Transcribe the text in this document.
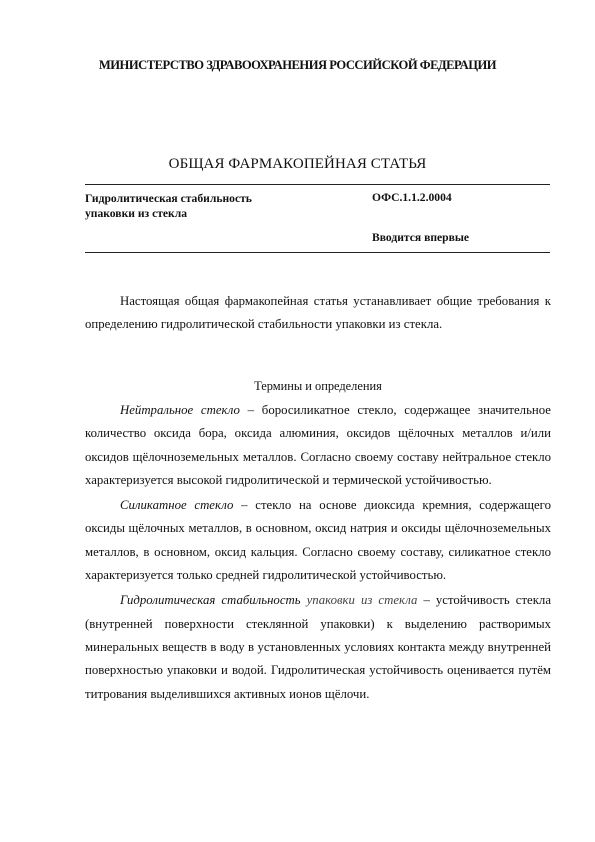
МИНИСТЕРСТВО ЗДРАВООХРАНЕНИЯ РОССИЙСКОЙ ФЕДЕРАЦИИ
ОБЩАЯ ФАРМАКОПЕЙНАЯ СТАТЬЯ
Гидролитическая стабильность
упаковки из стекла
ОФС.1.1.2.0004
Вводится впервые

Настоящая общая фармакопейная статья устанавливает общие требования к определению гидролитической стабильности упаковки из стекла.

Термины и определения

Нейтральное стекло – боросиликатное стекло, содержащее значительное количество оксида бора, оксида алюминия, оксидов щёлочных металлов и/или оксидов щёлочноземельных металлов. Согласно своему составу нейтральное стекло характеризуется высокой гидролитической и термической устойчивостью.

Силикатное стекло – стекло на основе диоксида кремния, содержащего оксиды щёлочных металлов, в основном, оксид натрия и оксиды щёлочноземельных металлов, в основном, оксид кальция. Согласно своему составу, силикатное стекло характеризуется только средней гидролитической устойчивостью.

Гидролитическая стабильность упаковки из стекла – устойчивость стекла (внутренней поверхности стеклянной упаковки) к выделению растворимых минеральных веществ в воду в установленных условиях контакта между внутренней поверхностью упаковки и водой. Гидролитическая устойчивость оценивается путём титрования выделившихся активных ионов щёлочи.
